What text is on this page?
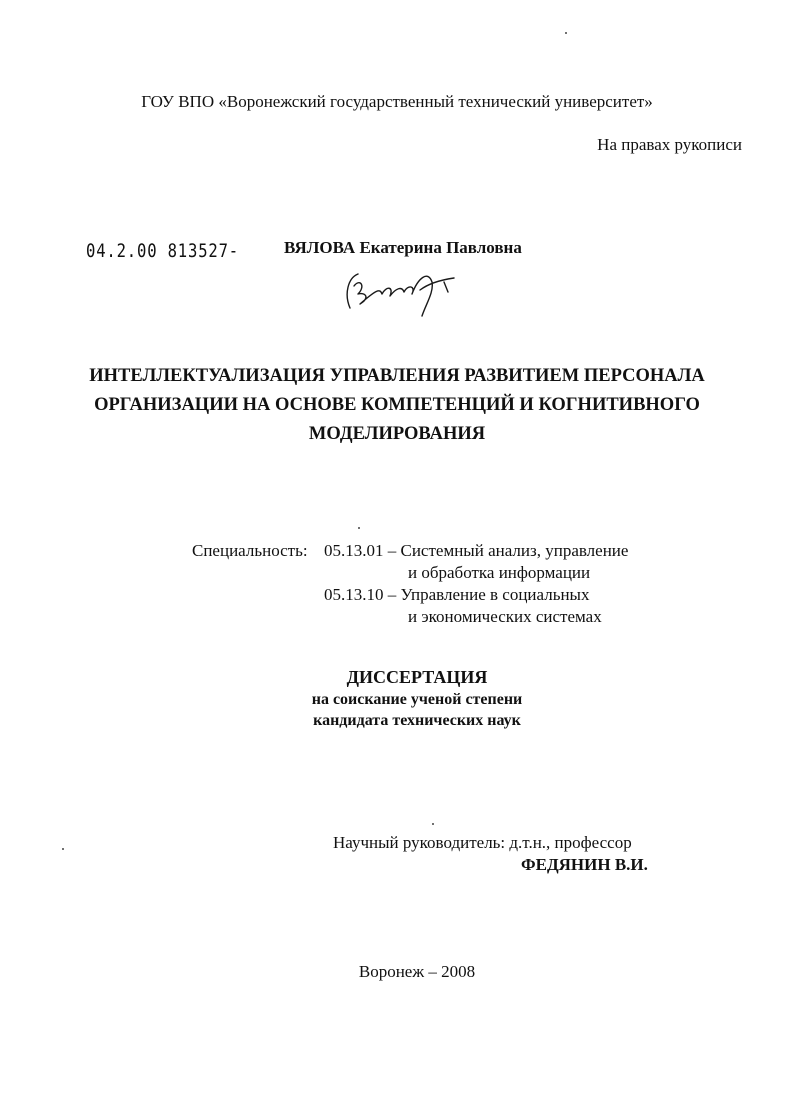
ГОУ ВПО «Воронежский государственный технический университет»
На правах рукописи
04.2.00 813527-	ВЯЛОВА Екатерина Павловна
ИНТЕЛЛЕКТУАЛИЗАЦИЯ УПРАВЛЕНИЯ РАЗВИТИЕМ ПЕРСОНАЛА
ОРГАНИЗАЦИИ НА ОСНОВЕ КОМПЕТЕНЦИЙ И КОГНИТИВНОГО
МОДЕЛИРОВАНИЯ
Специальность: 05.13.01 – Системный анализ, управление
и обработка информации
05.13.10 – Управление в социальных
и экономических системах
ДИССЕРТАЦИЯ
на соискание ученой степени
кандидата технических наук
Научный руководитель: д.т.н., профессор
ФЕДЯНИН В.И.
Воронеж – 2008
